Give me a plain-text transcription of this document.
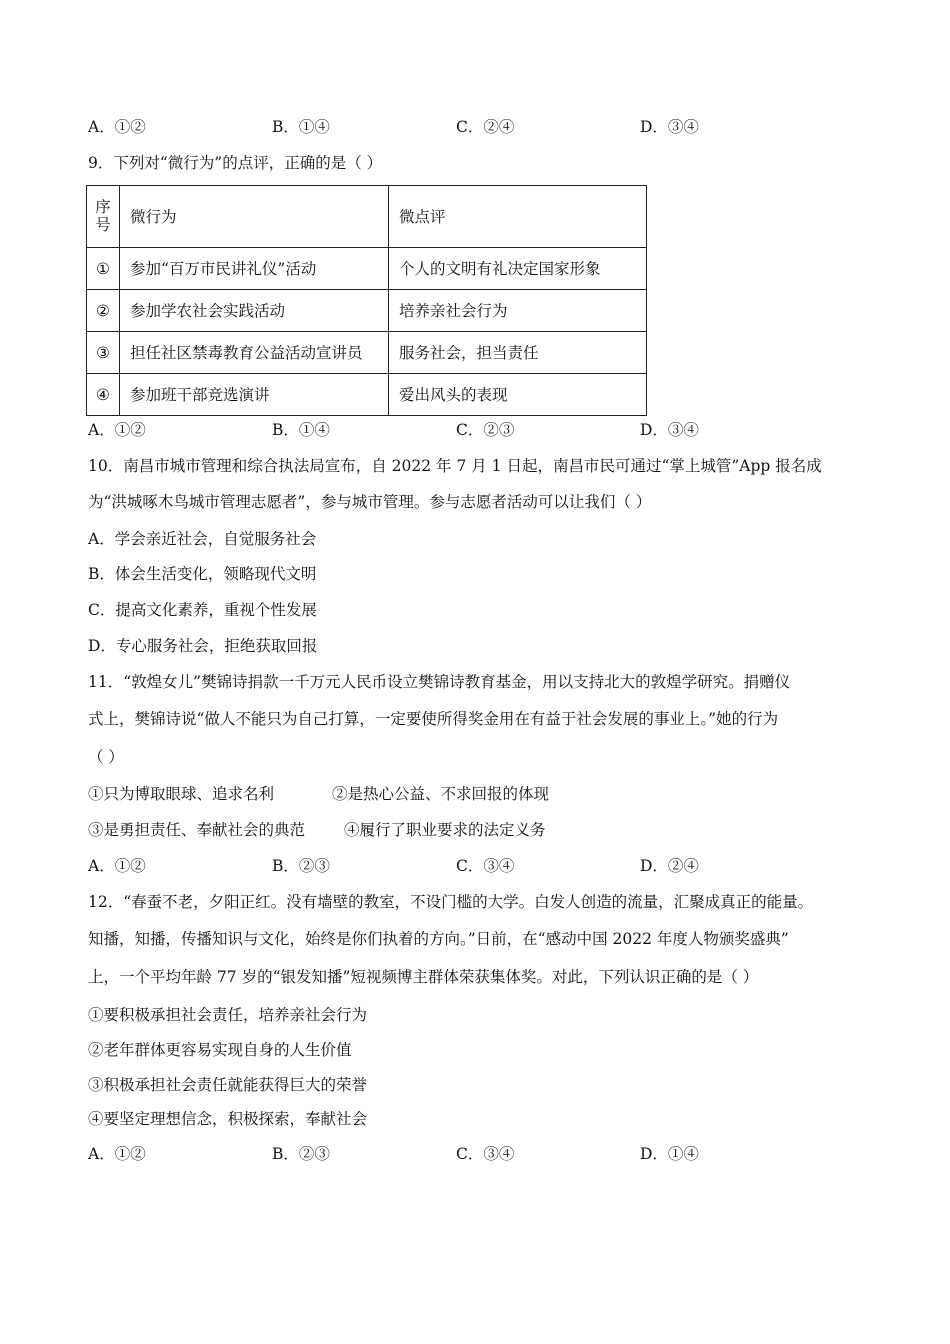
A．①②	B．①④	C．②④	D．③④
9．下列对“微行为”的点评，正确的是（ ）
序号	微行为	微点评
①	参加“百万市民讲礼仪”活动	个人的文明有礼决定国家形象
②	参加学农社会实践活动	培养亲社会行为
③	担任社区禁毒教育公益活动宣讲员	服务社会，担当责任
④	参加班干部竞选演讲	爱出风头的表现
A．①②	B．①④	C．②③	D．③④
10．南昌市城市管理和综合执法局宣布，自 2022 年 7 月 1 日起，南昌市民可通过“掌上城管”App 报名成
为“洪城啄木鸟城市管理志愿者”，参与城市管理。参与志愿者活动可以让我们（ ）
A．学会亲近社会，自觉服务社会
B．体会生活变化，领略现代文明
C．提高文化素养，重视个性发展
D．专心服务社会，拒绝获取回报
11．“敦煌女儿”樊锦诗捐款一千万元人民币设立樊锦诗教育基金，用以支持北大的敦煌学研究。捐赠仪
式上，樊锦诗说“做人不能只为自己打算，一定要使所得奖金用在有益于社会发展的事业上。”她的行为
（ ）
①只为博取眼球、追求名利	②是热心公益、不求回报的体现
③是勇担责任、奉献社会的典范	④履行了职业要求的法定义务
A．①②	B．②③	C．③④	D．②④
12．“春蚕不老，夕阳正红。没有墙壁的教室，不设门槛的大学。白发人创造的流量，汇聚成真正的能量。
知播，知播，传播知识与文化，始终是你们执着的方向。”日前，在“感动中国 2022 年度人物颁奖盛典”
上，一个平均年龄 77 岁的“银发知播”短视频博主群体荣获集体奖。对此，下列认识正确的是（ ）
①要积极承担社会责任，培养亲社会行为
②老年群体更容易实现自身的人生价值
③积极承担社会责任就能获得巨大的荣誉
④要坚定理想信念，积极探索，奉献社会
A．①②	B．②③	C．③④	D．①④
